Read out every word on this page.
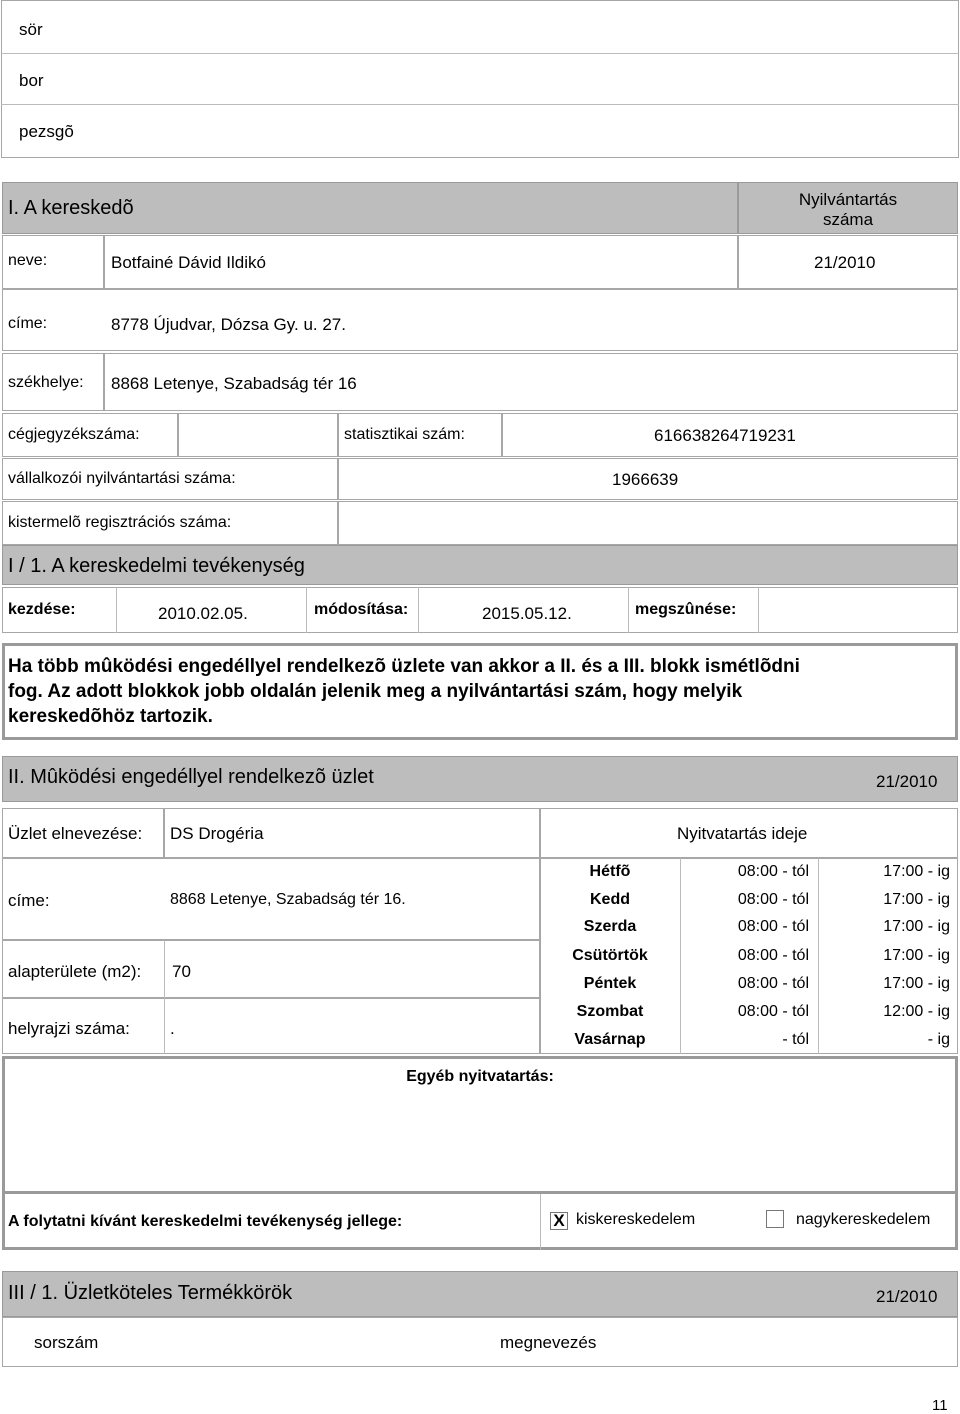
sör
bor
pezsgõ
I. A kereskedõ	Nyilvántartás száma
neve:	Botfainé Dávid Ildikó	21/2010
címe:	8778 Újudvar, Dózsa Gy. u. 27.
székhelye: 8868 Letenye, Szabadság tér 16
cégjegyzékszáma:	statisztikai szám:	616638264719231
vállalkozói nyilvántartási száma:	1966639
kistermelõ regisztrációs száma:
I / 1. A kereskedelmi tevékenység
kezdése:	2010.02.05.	módosítása:	2015.05.12.	megszûnése:
Ha több mûködési engedéllyel rendelkezõ üzlete van akkor a II. és a III. blokk ismétlõdni
fog. Az adott blokkok jobb oldalán jelenik meg a nyilvántartási szám, hogy melyik
kereskedõhöz tartozik.
II. Mûködési engedéllyel rendelkezõ üzlet	21/2010
Üzlet elnevezése: DS Drogéria	Nyitvatartás ideje
címe:	8868 Letenye, Szabadság tér 16.
alapterülete (m2): 70
helyrajzi száma: .
Hétfõ	08:00 - tól	17:00 - ig
Kedd	08:00 - tól	17:00 - ig
Szerda	08:00 - tól	17:00 - ig
Csütörtök	08:00 - tól	17:00 - ig
Péntek	08:00 - tól	17:00 - ig
Szombat	08:00 - tól	12:00 - ig
Vasárnap	- tól	- ig
Egyéb nyitvatartás:
A folytatni kívánt kereskedelmi tevékenység jellege:	X kiskereskedelem	nagykereskedelem
III / 1. Üzletköteles Termékkörök	21/2010
sorszám	megnevezés
11
